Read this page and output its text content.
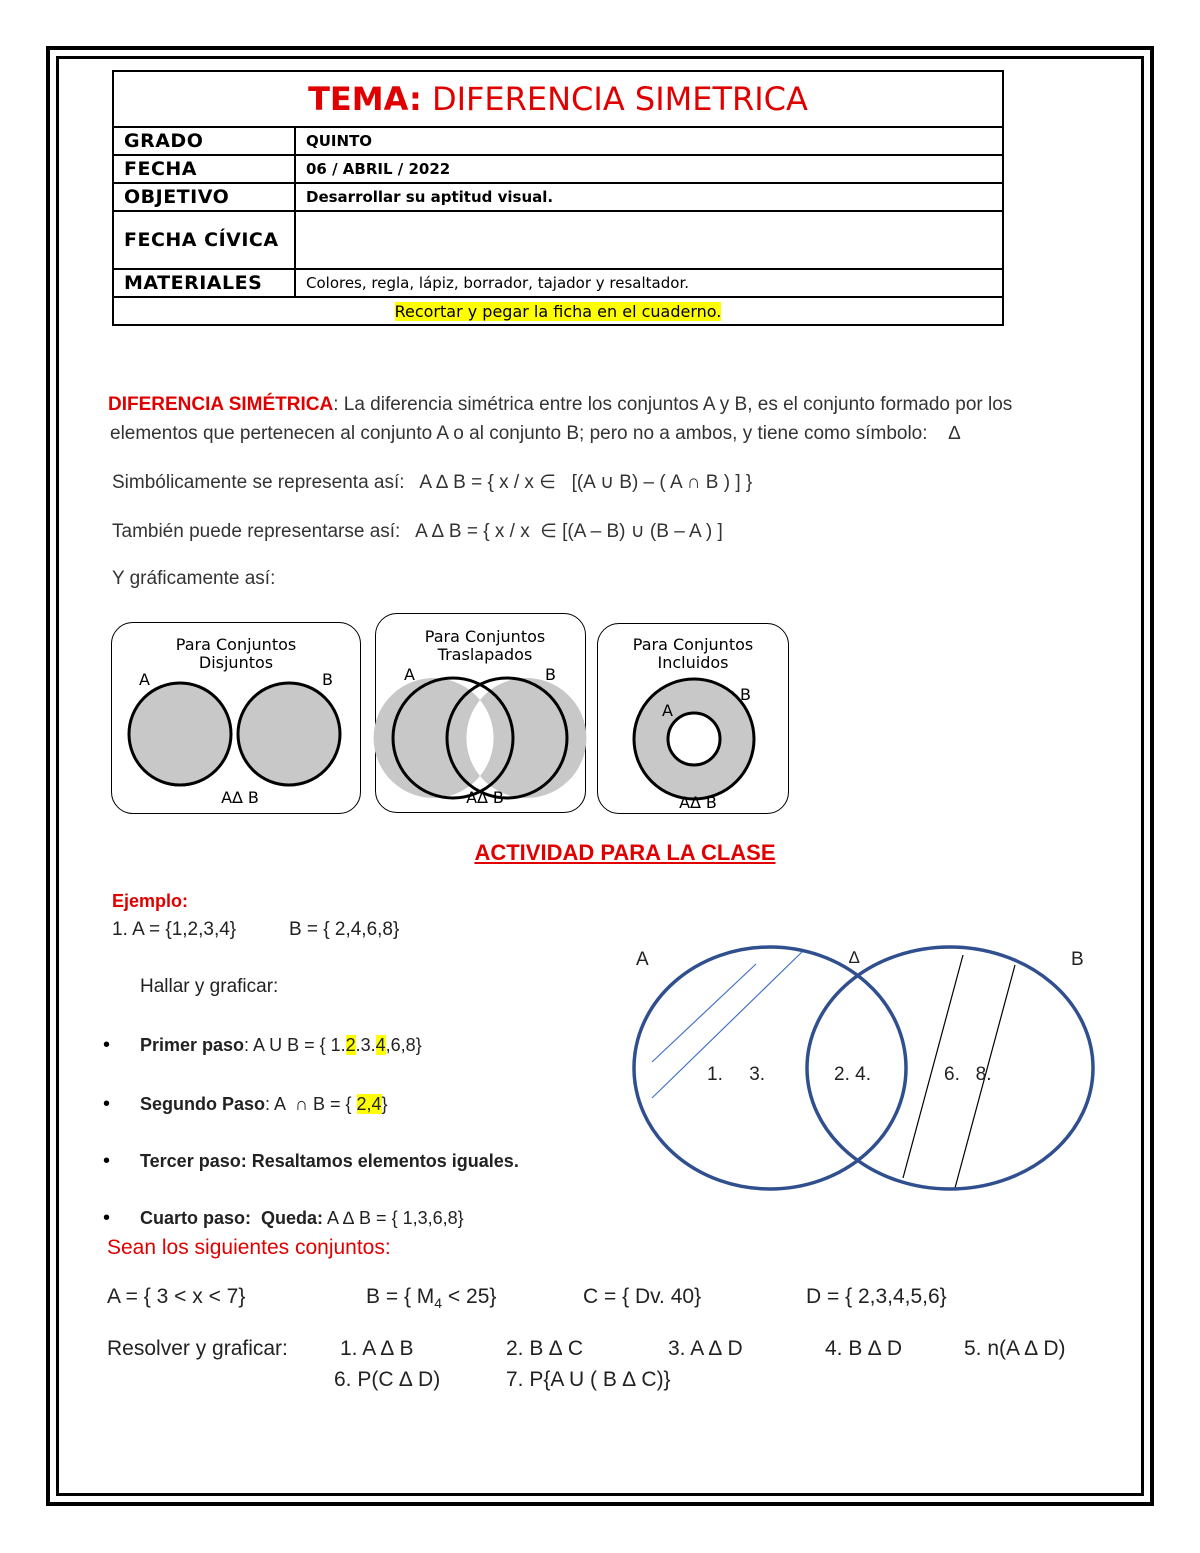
TEMA: DIFERENCIA SIMETRICA	
GRADO	QUINTO
FECHA	06 / ABRIL / 2022
OBJETIVO	Desarrollar su aptitud visual.
FECHA CÍVICA	
MATERIALES	Colores, regla, lápiz, borrador, tajador y resaltador.
Recortar y pegar la ficha en el cuaderno.	
DIFERENCIA SIMÉTRICA: La diferencia simétrica entre los conjuntos A y B, es el conjunto formado por los
elementos que pertenecen al conjunto A o al conjunto B; pero no a ambos, y tiene como símbolo:    ∆
Simbólicamente se representa así:   A ∆ B = { x / x ∈   [(A ∪ B) – ( A ∩ B ) ] }
También puede representarse así:   A ∆ B = { x / x  ∈ [(A – B) ∪ (B – A ) ]
Y gráficamente así:
Para Conjuntos
Disjuntos
A	B
A∆ B
Para Conjuntos
Traslapados
A	B
A∆ B
Para Conjuntos
Incluidos
B
A
A∆ B
ACTIVIDAD PARA LA CLASE
Ejemplo:
1. A = {1,2,3,4}          B = { 2,4,6,8}
Hallar y graficar:
• Primer paso: A U B = { 1.2.3.4,6,8}
• Segundo Paso: A  ∩ B = { 2,4}
• Tercer paso: Resaltamos elementos iguales.
• Cuarto paso:  Queda: A ∆ B = { 1,3,6,8}
A	∆	B
1.     3.	2. 4.	6.   8.
Sean los siguientes conjuntos:
A = { 3 < x < 7}	B = { $M_4 < 25$}	C = { Dv. 40}	D = { 2,3,4,5,6}
Resolver y graficar: 1. A ∆ B	2. B ∆ C	3. A ∆ D	4. B ∆ D	5. n(A ∆ D)
6. P(C ∆ D)	7. P{A U ( B ∆ C)}
